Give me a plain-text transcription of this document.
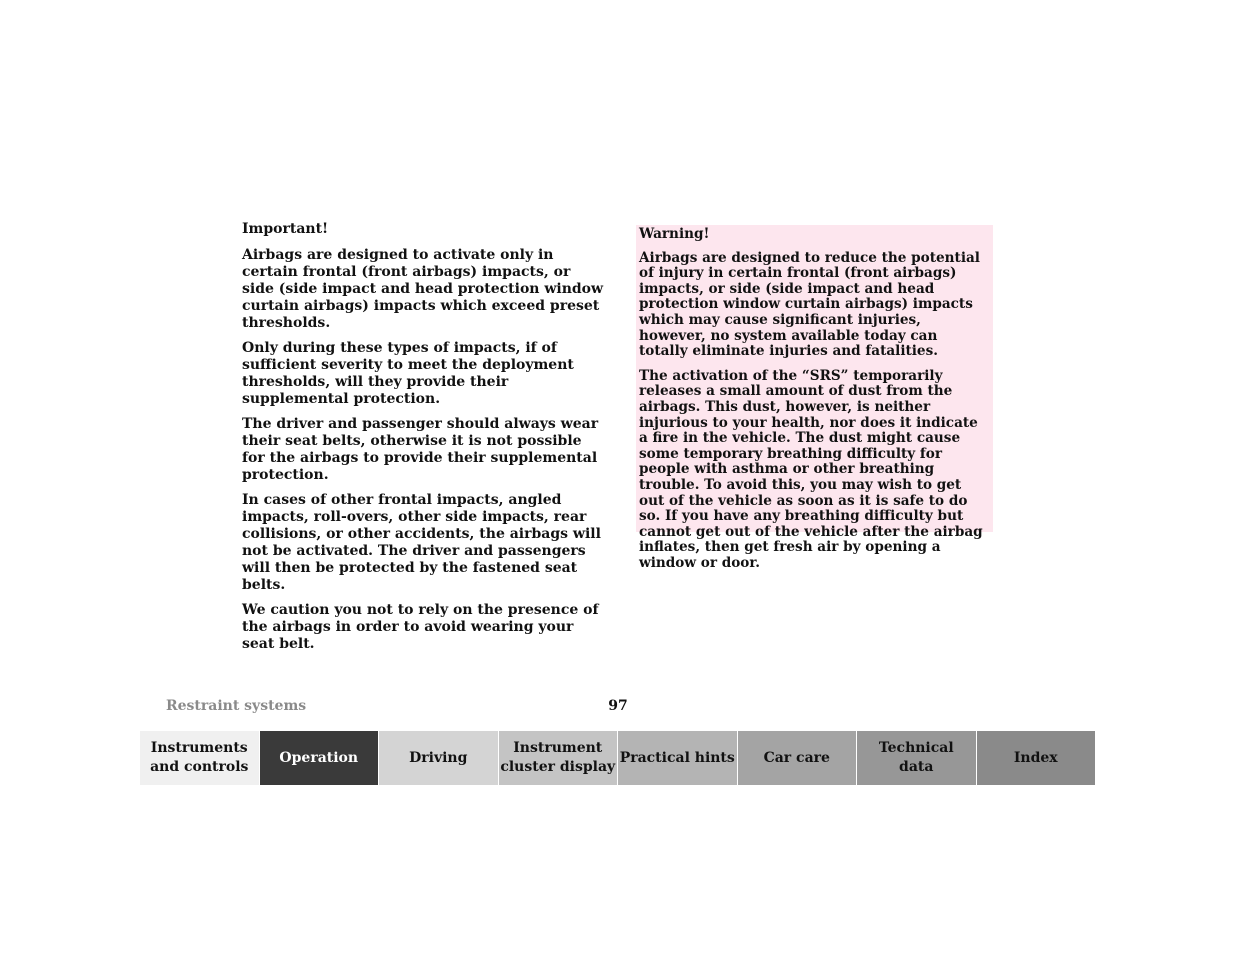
Important!

Airbags are designed to activate only in certain frontal (front airbags) impacts, or side (side impact and head protection window curtain airbags) impacts which exceed preset thresholds.

Only during these types of impacts, if of sufficient severity to meet the deployment thresholds, will they provide their supplemental protection.

The driver and passenger should always wear their seat belts, otherwise it is not possible for the airbags to provide their supplemental protection.

In cases of other frontal impacts, angled impacts, roll-overs, other side impacts, rear collisions, or other accidents, the airbags will not be activated. The driver and passengers will then be protected by the fastened seat belts.

We caution you not to rely on the presence of the airbags in order to avoid wearing your seat belt.

Warning!

Airbags are designed to reduce the potential of injury in certain frontal (front airbags) impacts, or side (side impact and head protection window curtain airbags) impacts which may cause significant injuries, however, no system available today can totally eliminate injuries and fatalities.

The activation of the “SRS” temporarily releases a small amount of dust from the airbags. This dust, however, is neither injurious to your health, nor does it indicate a fire in the vehicle. The dust might cause some temporary breathing difficulty for people with asthma or other breathing trouble. To avoid this, you may wish to get out of the vehicle as soon as it is safe to do so. If you have any breathing difficulty but cannot get out of the vehicle after the airbag inflates, then get fresh air by opening a window or door.

Restraint systems	97
Instruments
and controls
Operation	Driving
Instrument
cluster display
Practical hints	Car care
Technical
data
Index
